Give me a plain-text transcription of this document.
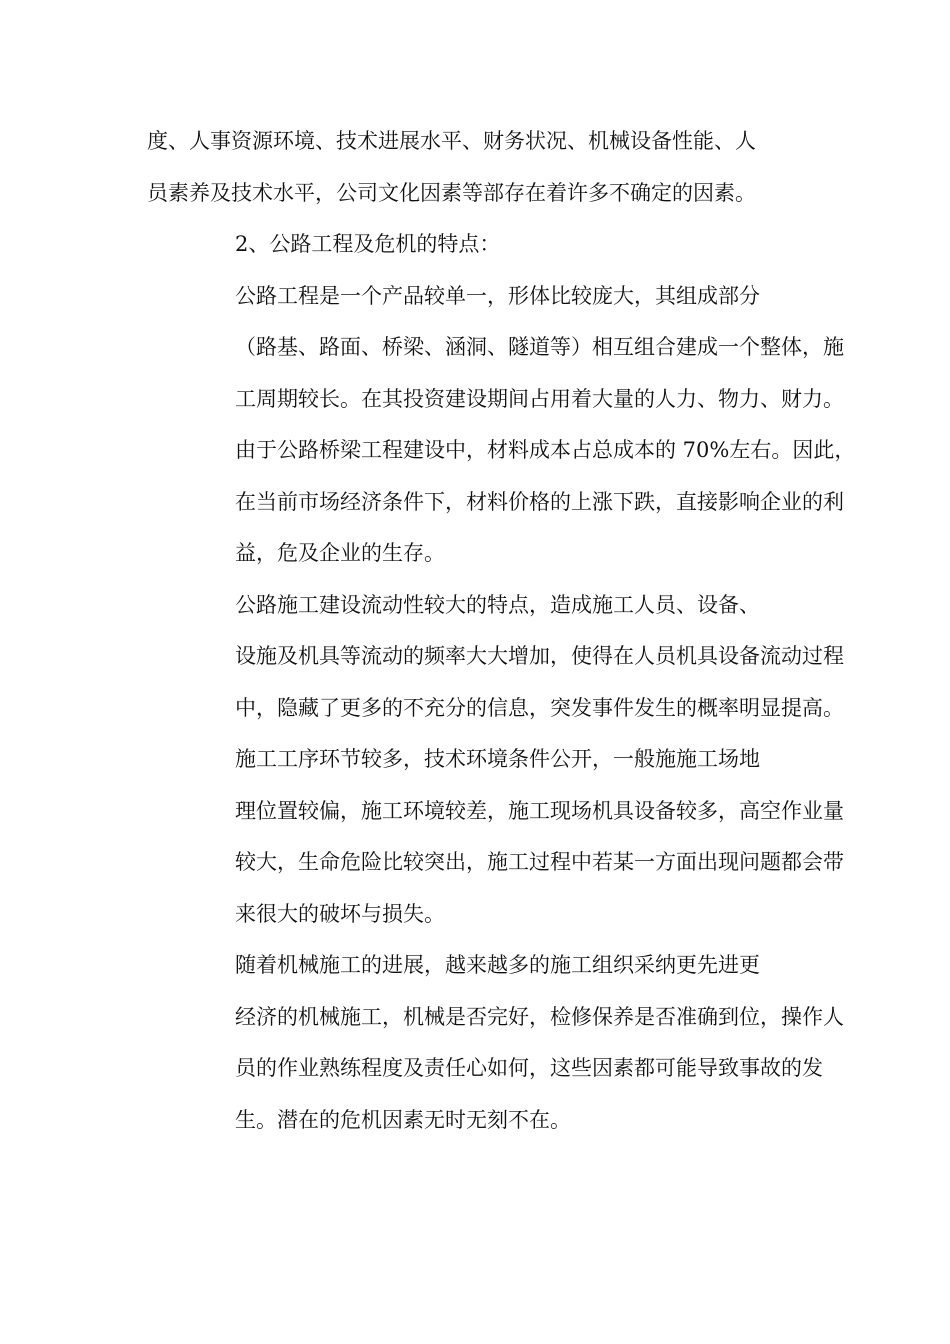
度、人事资源环境、技术进展水平、财务状况、机械设备性能、人
员素养及技术水平，公司文化因素等部存在着许多不确定的因素。

2、公路工程及危机的特点：

公路工程是一个产品较单一，形体比较庞大，其组成部分
（路基、路面、桥梁、涵洞、隧道等）相互组合建成一个整体，施
工周期较长。在其投资建设期间占用着大量的人力、物力、财力。
由于公路桥梁工程建设中，材料成本占总成本的 70%左右。因此，
在当前市场经济条件下，材料价格的上涨下跌，直接影响企业的利
益，危及企业的生存。

公路施工建设流动性较大的特点，造成施工人员、设备、
设施及机具等流动的频率大大增加，使得在人员机具设备流动过程
中，隐藏了更多的不充分的信息，突发事件发生的概率明显提高。

施工工序环节较多，技术环境条件公开，一般施施工场地
理位置较偏，施工环境较差，施工现场机具设备较多，高空作业量
较大，生命危险比较突出，施工过程中若某一方面出现问题都会带
来很大的破坏与损失。

随着机械施工的进展，越来越多的施工组织采纳更先进更
经济的机械施工，机械是否完好，检修保养是否准确到位，操作人
员的作业熟练程度及责任心如何，这些因素都可能导致事故的发
生。潜在的危机因素无时无刻不在。
